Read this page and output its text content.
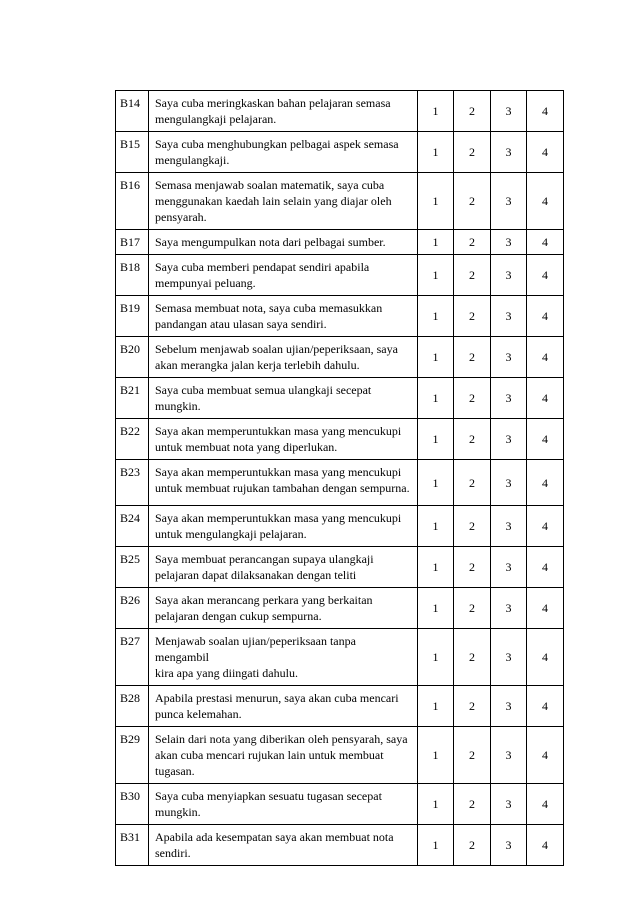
B14	Saya cuba meringkaskan bahan pelajaran semasa
mengulangkaji pelajaran.	1	2	3	4
B15	Saya cuba menghubungkan pelbagai aspek semasa
mengulangkaji.	1	2	3	4
B16	Semasa menjawab soalan matematik, saya cuba
menggunakan kaedah lain selain yang diajar oleh
pensyarah.	1	2	3	4
B17	Saya mengumpulkan nota dari pelbagai sumber.	1	2	3	4
B18	Saya cuba memberi pendapat sendiri apabila
mempunyai peluang.	1	2	3	4
B19	Semasa membuat nota, saya cuba memasukkan
pandangan atau ulasan saya sendiri.	1	2	3	4
B20	Sebelum menjawab soalan ujian/peperiksaan, saya
akan merangka jalan kerja terlebih dahulu.	1	2	3	4
B21	Saya cuba membuat semua ulangkaji secepat
mungkin.	1	2	3	4
B22	Saya akan memperuntukkan masa yang mencukupi
untuk membuat nota yang diperlukan.	1	2	3	4
B23	Saya akan memperuntukkan masa yang mencukupi
untuk membuat rujukan tambahan dengan sempurna.	1	2	3	4
B24	Saya akan memperuntukkan masa yang mencukupi
untuk mengulangkaji pelajaran.	1	2	3	4
B25	Saya membuat perancangan supaya ulangkaji
pelajaran dapat dilaksanakan dengan teliti	1	2	3	4
B26	Saya akan merancang perkara yang berkaitan
pelajaran dengan cukup sempurna.	1	2	3	4
B27	Menjawab soalan ujian/peperiksaan tanpa mengambil
kira apa yang diingati dahulu.	1	2	3	4
B28	Apabila prestasi menurun, saya akan cuba mencari
punca kelemahan.	1	2	3	4
B29	Selain dari nota yang diberikan oleh pensyarah, saya
akan cuba mencari rujukan lain untuk membuat
tugasan.	1	2	3	4
B30	Saya cuba menyiapkan sesuatu tugasan secepat
mungkin.	1	2	3	4
B31	Apabila ada kesempatan saya akan membuat nota
sendiri.	1	2	3	4
